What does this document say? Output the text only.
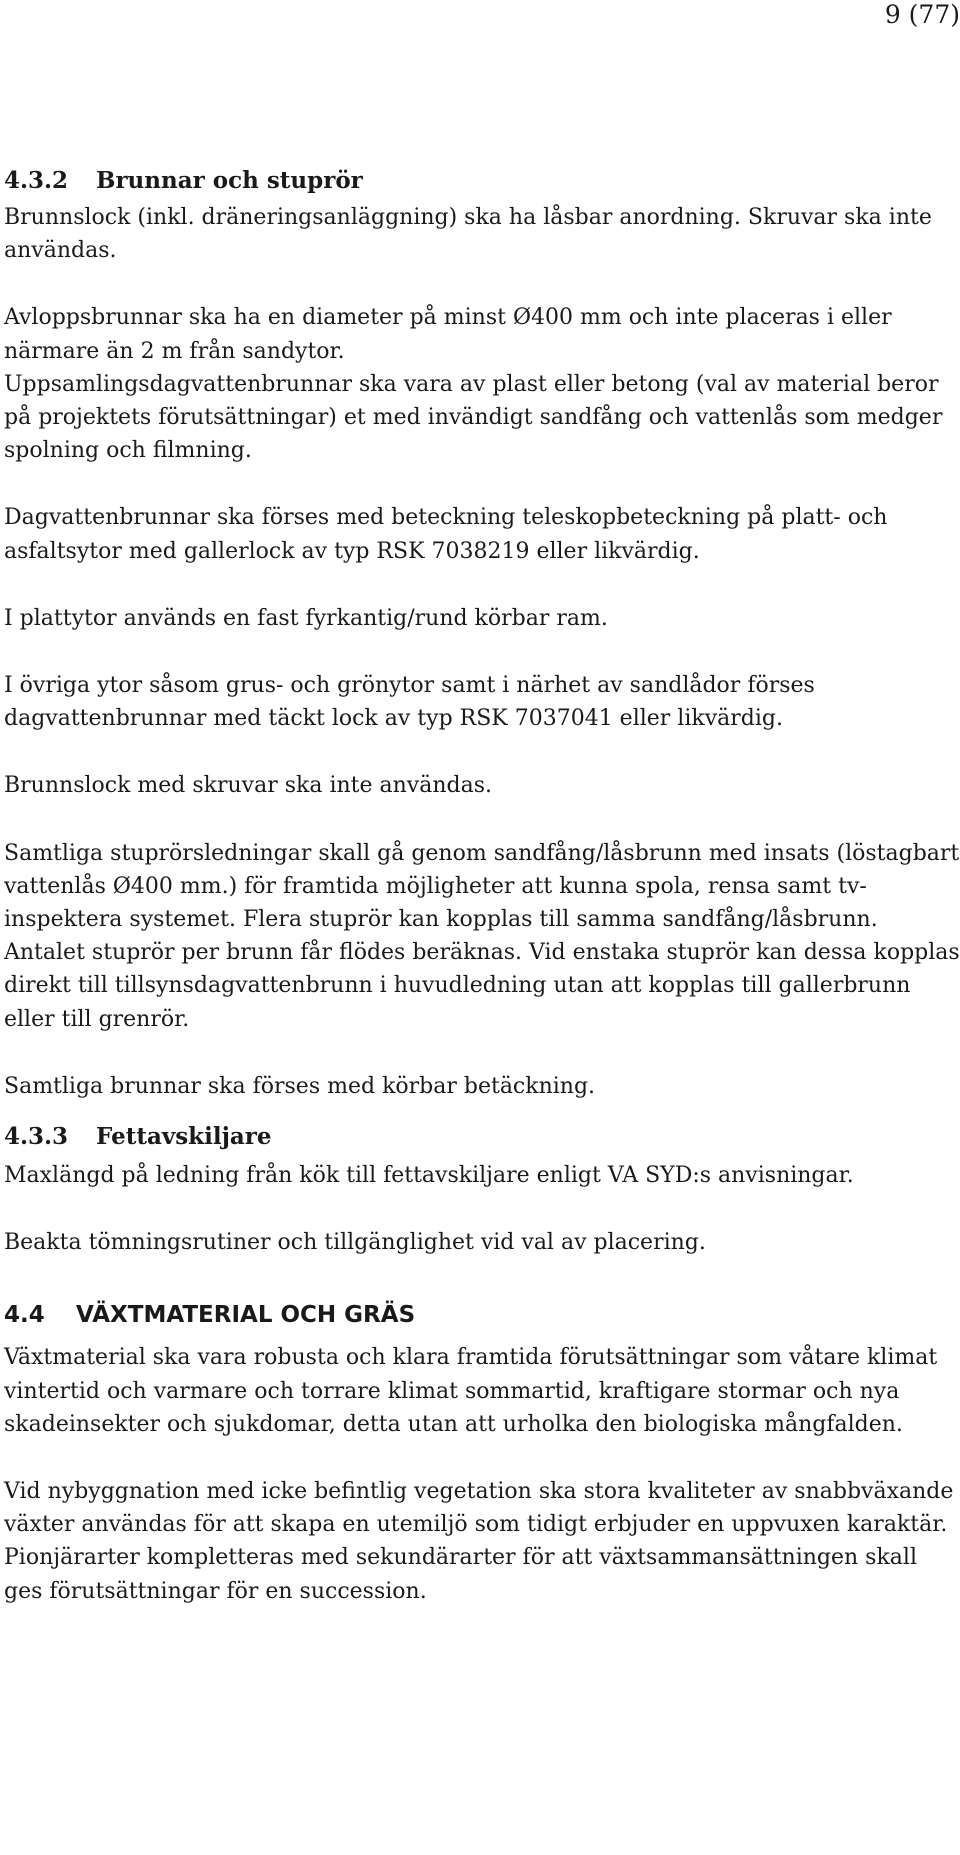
9 (77)
4.3.2 Brunnar och stuprör

Brunnslock (inkl. dräneringsanläggning) ska ha låsbar anordning. Skruvar ska inte användas.

Avloppsbrunnar ska ha en diameter på minst Ø400 mm och inte placeras i eller närmare än 2 m från sandytor.

Uppsamlingsdagvattenbrunnar ska vara av plast eller betong (val av material beror på projektets förutsättningar) et med invändigt sandfång och vattenlås som medger spolning och filmning.

Dagvattenbrunnar ska förses med beteckning teleskopbeteckning på platt- och asfaltsytor med gallerlock av typ RSK 7038219 eller likvärdig.

I plattytor används en fast fyrkantig/rund körbar ram.

I övriga ytor såsom grus- och grönytor samt i närhet av sandlådor förses dagvattenbrunnar med täckt lock av typ RSK 7037041 eller likvärdig.

Brunnslock med skruvar ska inte användas.

Samtliga stuprörsledningar skall gå genom sandfång/låsbrunn med insats (löstagbart vattenlås Ø400 mm.) för framtida möjligheter att kunna spola, rensa samt tv-inspektera systemet. Flera stuprör kan kopplas till samma sandfång/låsbrunn. Antalet stuprör per brunn får flödes beräknas. Vid enstaka stuprör kan dessa kopplas direkt till tillsynsdagvattenbrunn i huvudledning utan att kopplas till gallerbrunn eller till grenrör.

Samtliga brunnar ska förses med körbar betäckning.

4.3.3 Fettavskiljare

Maxlängd på ledning från kök till fettavskiljare enligt VA SYD:s anvisningar.

Beakta tömningsrutiner och tillgänglighet vid val av placering.

4.4 VÄXTMATERIAL OCH GRÄS

Växtmaterial ska vara robusta och klara framtida förutsättningar som våtare klimat vintertid och varmare och torrare klimat sommartid, kraftigare stormar och nya skadeinsekter och sjukdomar, detta utan att urholka den biologiska mångfalden.

Vid nybyggnation med icke befintlig vegetation ska stora kvaliteter av snabbväxande växter användas för att skapa en utemiljö som tidigt erbjuder en uppvuxen karaktär. Pionjärarter kompletteras med sekundärarter för att växtsammansättningen skall ges förutsättningar för en succession.
